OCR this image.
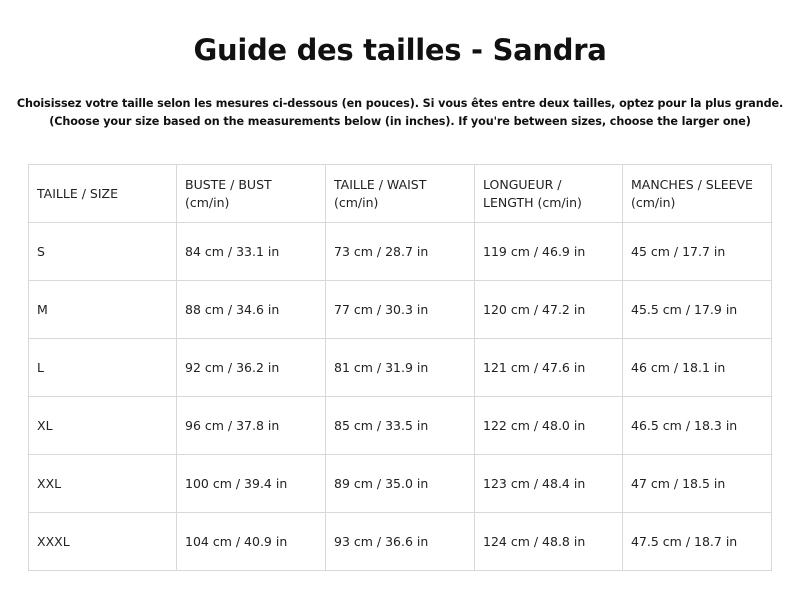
Guide des tailles - Sandra

Choisissez votre taille selon les mesures ci-dessous (en pouces). Si vous êtes entre deux tailles, optez pour la plus grande.

(Choose your size based on the measurements below (in inches). If you're between sizes, choose the larger one)

TAILLE / SIZE	BUSTE / BUST (cm/in)	TAILLE / WAIST (cm/in)	LONGUEUR / LENGTH (cm/in)	MANCHES / SLEEVE (cm/in)
S	84 cm / 33.1 in	73 cm / 28.7 in	119 cm / 46.9 in	45 cm / 17.7 in
M	88 cm / 34.6 in	77 cm / 30.3 in	120 cm / 47.2 in	45.5 cm / 17.9 in
L	92 cm / 36.2 in	81 cm / 31.9 in	121 cm / 47.6 in	46 cm / 18.1 in
XL	96 cm / 37.8 in	85 cm / 33.5 in	122 cm / 48.0 in	46.5 cm / 18.3 in
XXL	100 cm / 39.4 in	89 cm / 35.0 in	123 cm / 48.4 in	47 cm / 18.5 in
XXXL	104 cm / 40.9 in	93 cm / 36.6 in	124 cm / 48.8 in	47.5 cm / 18.7 in
